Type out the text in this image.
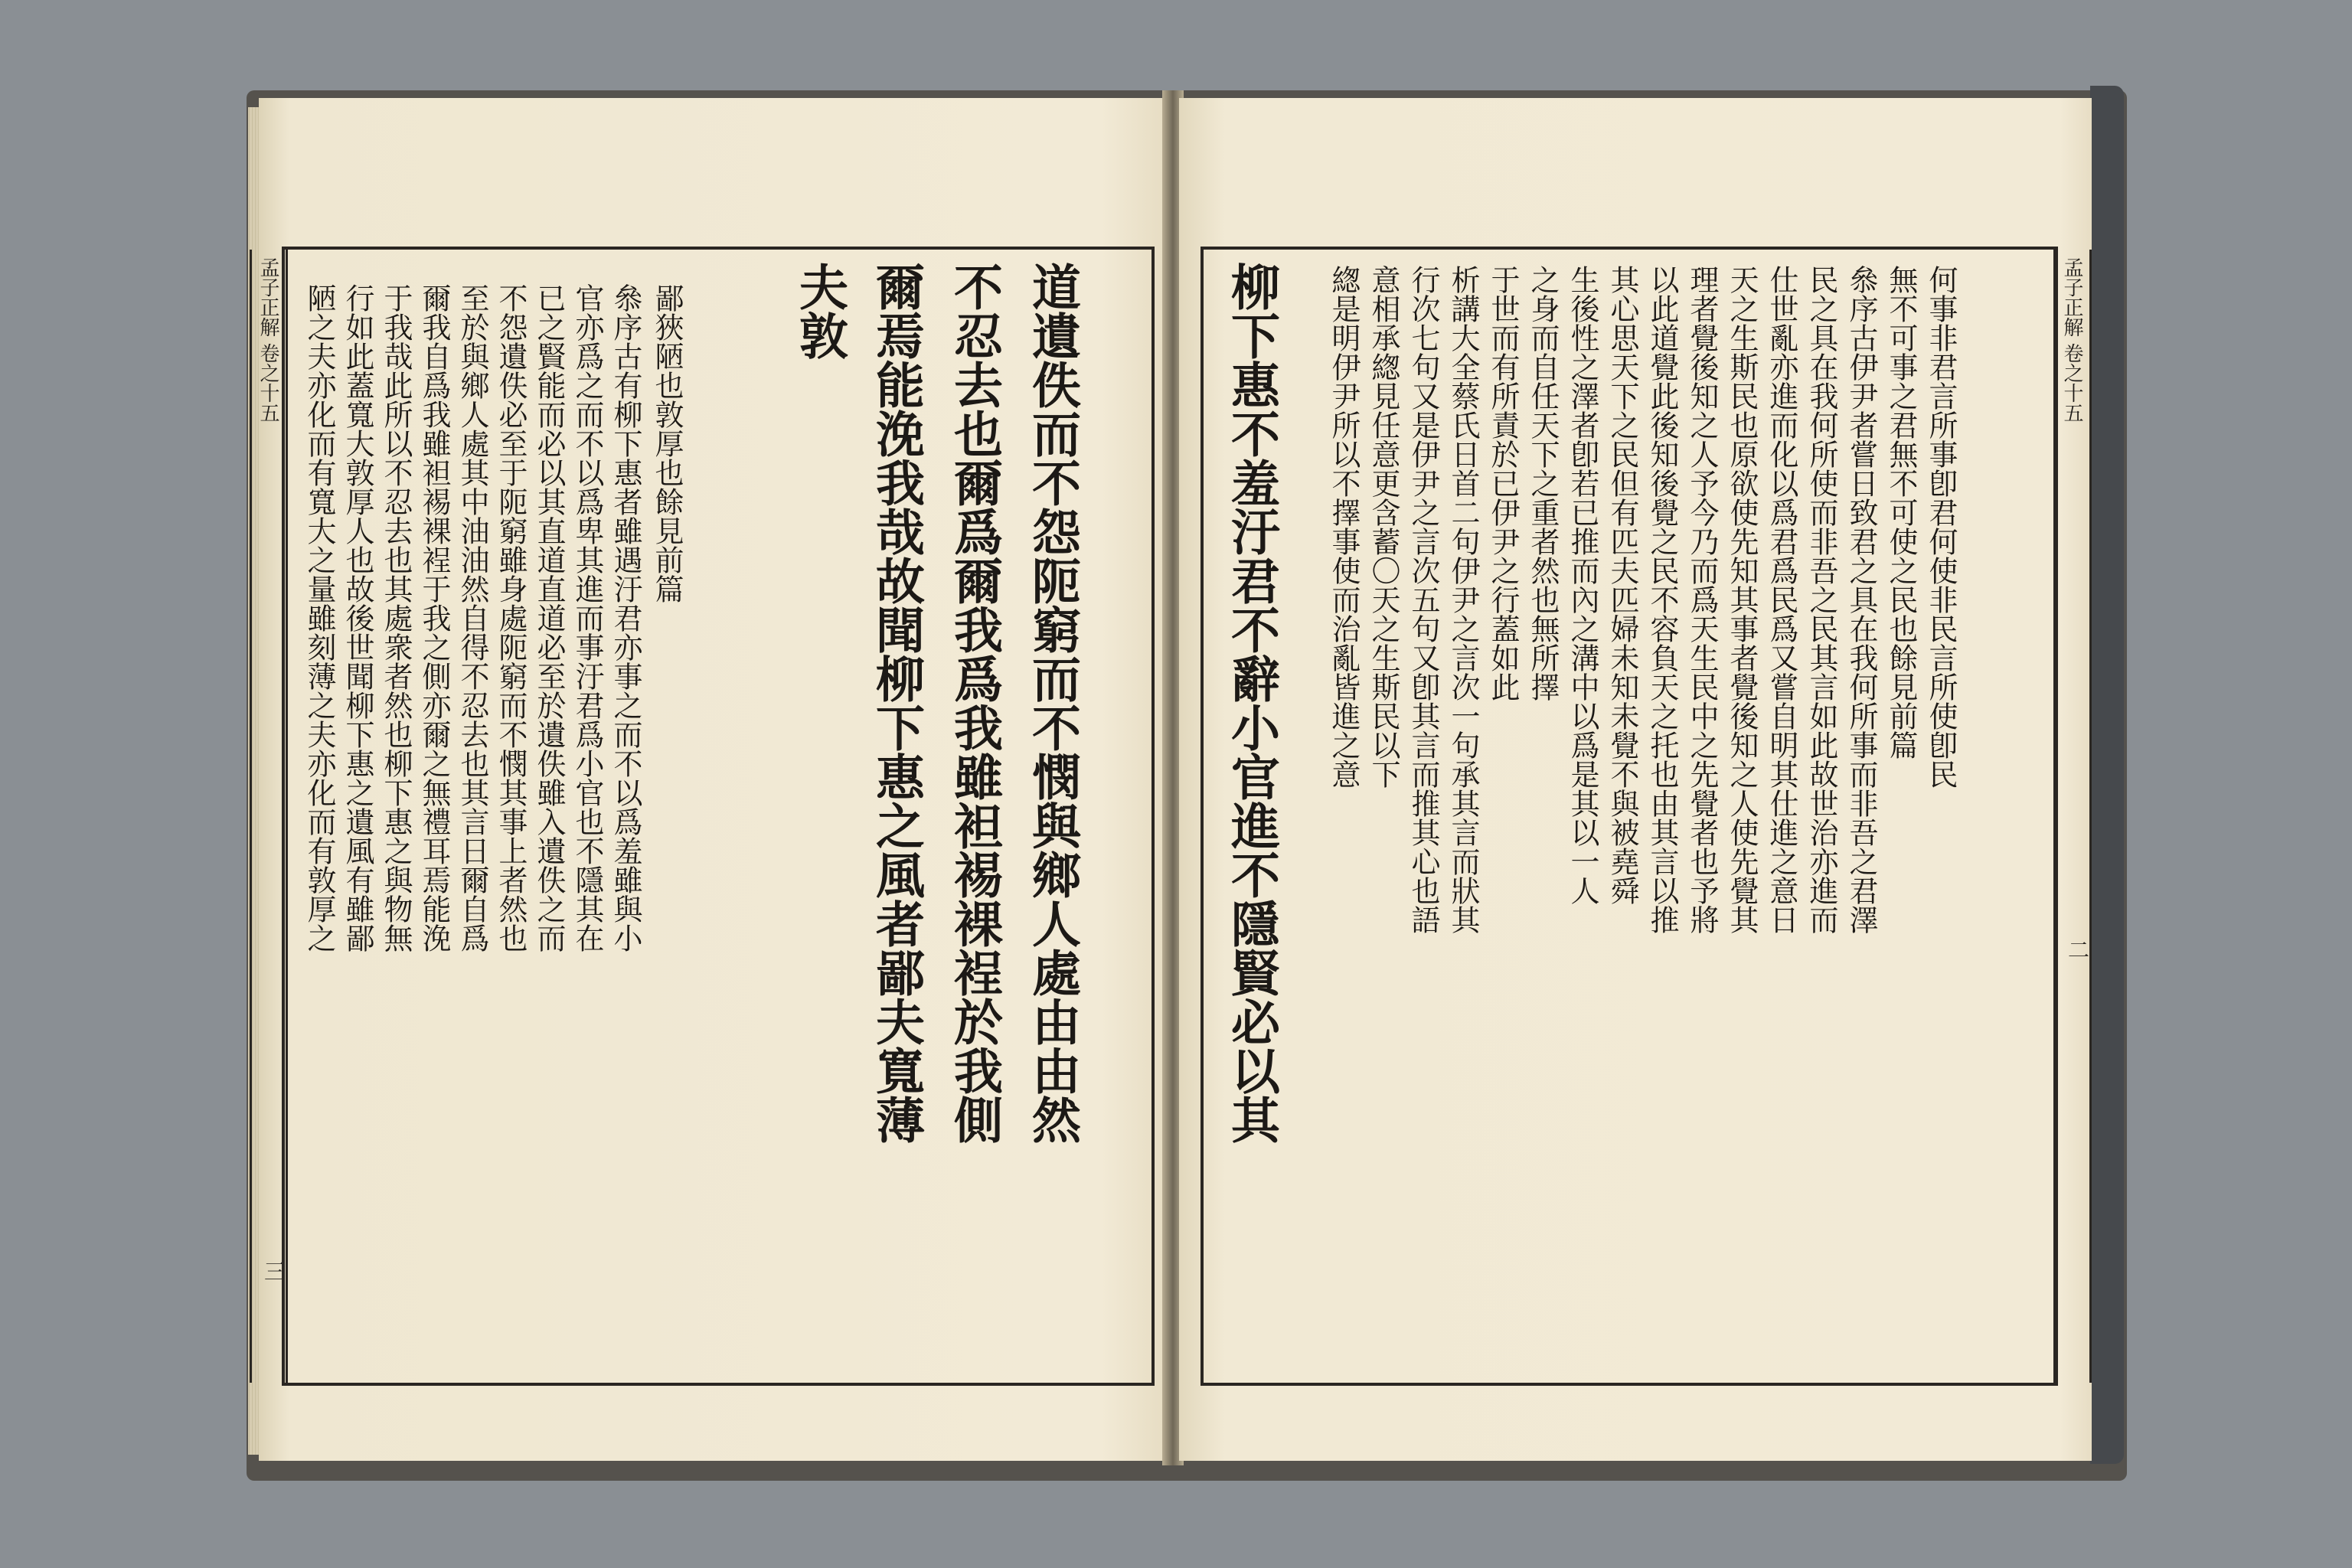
孟子正解 卷之十五
三
陋之夫亦化而有寬大之量雖刻薄之夫亦化而有敦厚之 行如此蓋寬大敦厚人也故後世聞柳下惠之遺風有雖鄙 于我哉此所以不忍去也其處衆者然也柳下惠之與物無 爾我自爲我雖袒裼裸裎于我之側亦爾之無禮耳焉能浼 至於與鄉人處其中油油然自得不忍去也其言日爾自爲 不怨遺佚必至于阨窮雖身處阨窮而不憫其事上者然也 已之賢能而必以其直道直道必至於遺佚雖入遺佚之而 官亦爲之而不以爲卑其進而事汙君爲小官也不隱其在 叅序古有柳下惠者雖遇汙君亦事之而不以爲羞雖與小 鄙狹陋也敦厚也餘見前篇 夫敦 爾焉能浼我哉故聞柳下惠之風者鄙夫寬薄 不忍去也爾爲爾我爲我雖袒裼裸裎於我側 道遺佚而不怨阨窮而不憫與鄉人處由由然	柳下惠不羞汙君不辭小官進不隱賢必以其 緫是明伊尹所以不擇事使而治亂皆進之意 意相承緫見任意更含蓄〇天之生斯民以下 行次七句又是伊尹之言次五句又卽其言而推其心也語 析講大全蔡氏日首二句伊尹之言次一句承其言而狀其 于世而有所責於已伊尹之行蓋如此 之身而自任天下之重者然也無所擇 生後性之澤者卽若已推而內之溝中以爲是其以一人 其心思天下之民但有匹夫匹婦未知未覺不與被堯舜 以此道覺此後知後覺之民不容負天之托也由其言以推 理者覺後知之人予今乃而爲天生民中之先覺者也予將 天之生斯民也原欲使先知其事者覺後知之人使先覺其 仕世亂亦進而化以爲君爲民爲又嘗自明其仕進之意日 民之具在我何所使而非吾之民其言如此故世治亦進而 叅序古伊尹者嘗日致君之具在我何所事而非吾之君澤 無不可事之君無不可使之民也餘見前篇 何事非君言所事卽君何使非民言所使卽民	孟子正解 卷之十五
二
